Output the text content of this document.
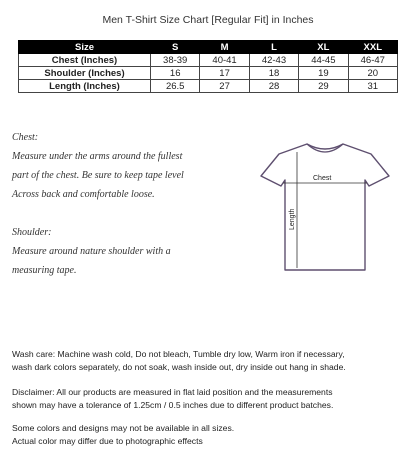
Men T-Shirt Size Chart [Regular Fit] in Inches
Size	S	M	L	XL	XXL
Chest (Inches)	38-39	40-41	42-43	44-45	46-47
Shoulder (Inches)	16	17	18	19	20
Length (Inches)	26.5	27	28	29	31
Chest:
Measure under the arms around the fullest
part of the chest. Be sure to keep tape level
Across back and comfortable loose.
Shoulder:
Measure around nature shoulder with a
measuring tape.
Chest
Length
Wash care: Machine wash cold, Do not bleach, Tumble dry low, Warm iron if necessary,
wash dark colors separately, do not soak, wash inside out, dry inside out hang in shade.
Disclaimer: All our products are measured in flat laid position and the measurements
shown may have a tolerance of 1.25cm / 0.5 inches due to different product batches.
Some colors and designs may not be available in all sizes.
Actual color may differ due to photographic effects
